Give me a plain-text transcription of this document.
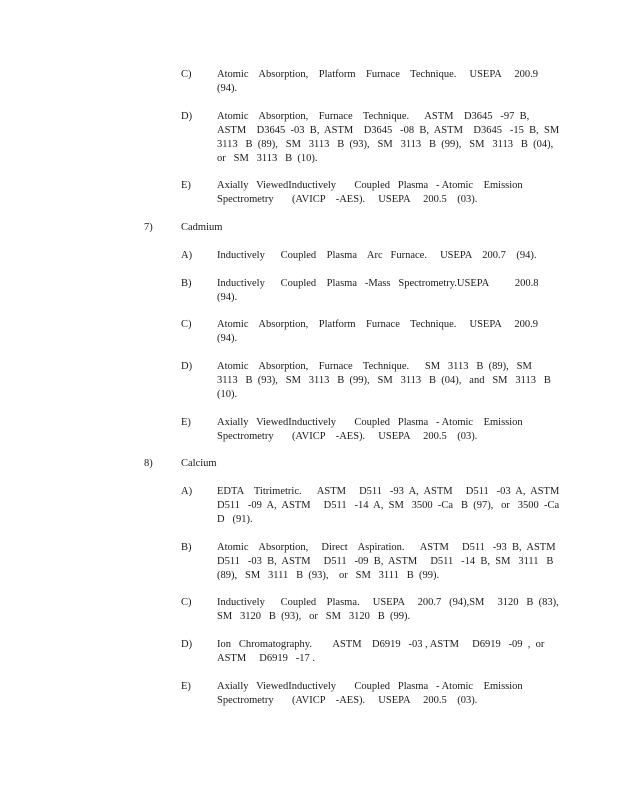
C) Atomic    Absorption,    Platform    Furnace    Technique.     USEPA     200.9
(94).
D) Atomic    Absorption,    Furnace    Technique.      ASTM    D3645   -97  B,
ASTM    D3645  -03  B,  ASTM    D3645   -08  B,  ASTM    D3645   -15  B,  SM
3113   B  (89),   SM   3113   B  (93),   SM   3113   B  (99),   SM   3113   B  (04),
or   SM   3113   B  (10).
E) Axially   ViewedInductively       Coupled   Plasma   - Atomic    Emission
Spectrometry       (AVICP    -AES).     USEPA     200.5    (03).
7)	Cadmium
A) Inductively      Coupled    Plasma    Arc   Furnace.     USEPA    200.7    (94).
B) Inductively      Coupled    Plasma   -Mass   Spectrometry.USEPA          200.8
(94).
C) Atomic    Absorption,    Platform    Furnace    Technique.     USEPA     200.9
(94).
D) Atomic    Absorption,    Furnace    Technique.      SM   3113   B  (89),   SM
3113   B  (93),   SM   3113   B  (99),   SM   3113   B  (04),   and   SM   3113   B
(10).
E) Axially   ViewedInductively       Coupled   Plasma   - Atomic    Emission
Spectrometry       (AVICP    -AES).     USEPA     200.5    (03).
8)	Calcium
A) EDTA    Titrimetric.      ASTM     D511   -93  A,  ASTM     D511   -03  A,  ASTM
D511   -09  A,  ASTM     D511   -14  A,  SM   3500  -Ca   B  (97),   or   3500  -Ca
D   (91).
B) Atomic    Absorption,     Direct    Aspiration.      ASTM     D511   -93  B,  ASTM
D511   -03  B,  ASTM     D511   -09  B,  ASTM     D511   -14  B,  SM   3111   B
(89),   SM   3111   B  (93),    or   SM   3111   B  (99).
C) Inductively      Coupled    Plasma.     USEPA     200.7   (94),SM     3120   B  (83),
SM   3120   B  (93),   or   SM   3120   B  (99).
D) Ion   Chromatography.        ASTM    D6919   -03 , ASTM     D6919   -09  ,  or
ASTM     D6919   -17 .
E) Axially   ViewedInductively       Coupled   Plasma   - Atomic    Emission
Spectrometry       (AVICP    -AES).     USEPA     200.5    (03).
